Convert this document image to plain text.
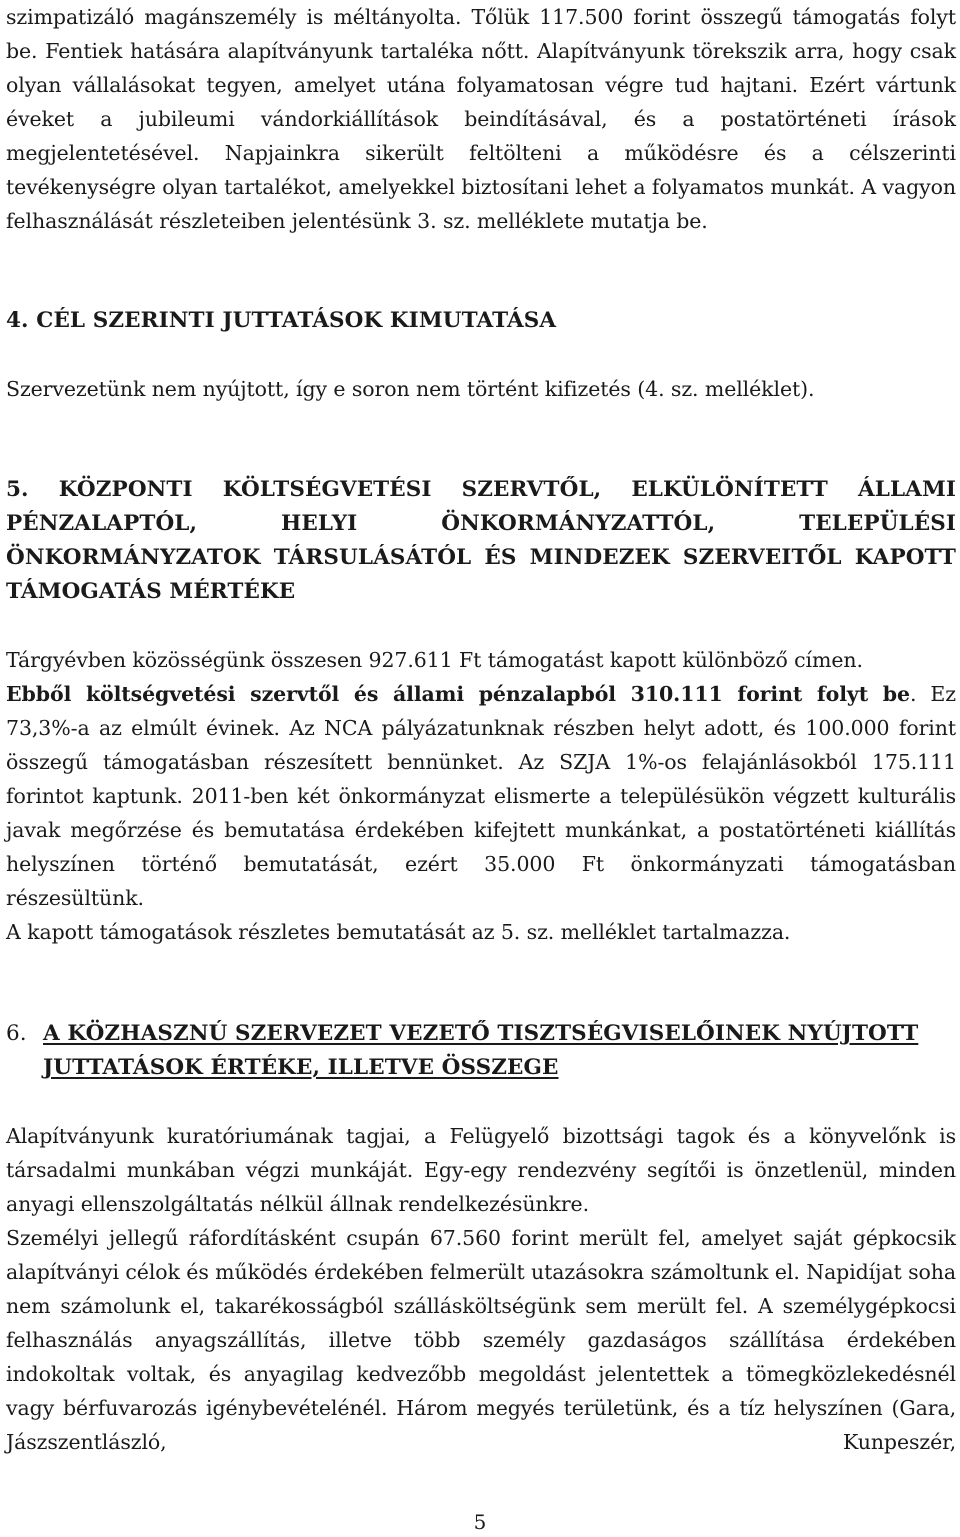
szimpatizáló magánszemély is méltányolta. Tőlük 117.500 forint összegű támogatás folyt be. Fentiek hatására alapítványunk tartaléka nőtt. Alapítványunk törekszik arra, hogy csak olyan vállalásokat tegyen, amelyet utána folyamatosan végre tud hajtani. Ezért vártunk éveket a jubileumi vándorkiállítások beindításával, és a postatörténeti írások megjelentetésével. Napjainkra sikerült feltölteni a működésre és a célszerinti tevékenységre olyan tartalékot, amelyekkel biztosítani lehet a folyamatos munkát. A vagyon felhasználását részleteiben jelentésünk 3. sz. melléklete mutatja be.

4. CÉL SZERINTI JUTTATÁSOK KIMUTATÁSA

Szervezetünk nem nyújtott, így e soron nem történt kifizetés (4. sz. melléklet).

5. KÖZPONTI KÖLTSÉGVETÉSI SZERVTŐL, ELKÜLÖNÍTETT ÁLLAMI PÉNZALAPTÓL, HELYI ÖNKORMÁNYZATTÓL, TELEPÜLÉSI ÖNKORMÁNYZATOK TÁRSULÁSÁTÓL ÉS MINDEZEK SZERVEITŐL KAPOTT TÁMOGATÁS MÉRTÉKE

Tárgyévben közösségünk összesen 927.611 Ft támogatást kapott különböző címen.

Ebből költségvetési szervtől és állami pénzalapból 310.111 forint folyt be. Ez 73,3%-a az elmúlt évinek. Az NCA pályázatunknak részben helyt adott, és 100.000 forint összegű támogatásban részesített bennünket. Az SZJA 1%-os felajánlásokból 175.111 forintot kaptunk. 2011-ben két önkormányzat elismerte a településükön végzett kulturális javak megőrzése és bemutatása érdekében kifejtett munkánkat, a postatörténeti kiállítás helyszínen történő bemutatását, ezért 35.000 Ft önkormányzati támogatásban részesültünk.

A kapott támogatások részletes bemutatását az 5. sz. melléklet tartalmazza.

6. A KÖZHASZNÚ SZERVEZET VEZETŐ TISZTSÉGVISELŐINEK NYÚJTOTT JUTTATÁSOK ÉRTÉKE, ILLETVE ÖSSZEGE

Alapítványunk kuratóriumának tagjai, a Felügyelő bizottsági tagok és a könyvelőnk is társadalmi munkában végzi munkáját. Egy-egy rendezvény segítői is önzetlenül, minden anyagi ellenszolgáltatás nélkül állnak rendelkezésünkre.

Személyi jellegű ráfordításként csupán 67.560 forint merült fel, amelyet saját gépkocsik alapítványi célok és működés érdekében felmerült utazásokra számoltunk el. Napidíjat soha nem számolunk el, takarékosságból szállásköltségünk sem merült fel. A személygépkocsi felhasználás anyagszállítás, illetve több személy gazdaságos szállítása érdekében indokoltak voltak, és anyagilag kedvezőbb megoldást jelentettek a tömegközlekedésnél vagy bérfuvarozás igénybevételénél. Három megyés területünk, és a tíz helyszínen (Gara, Jászszentlászló, Kunpeszér,

5
